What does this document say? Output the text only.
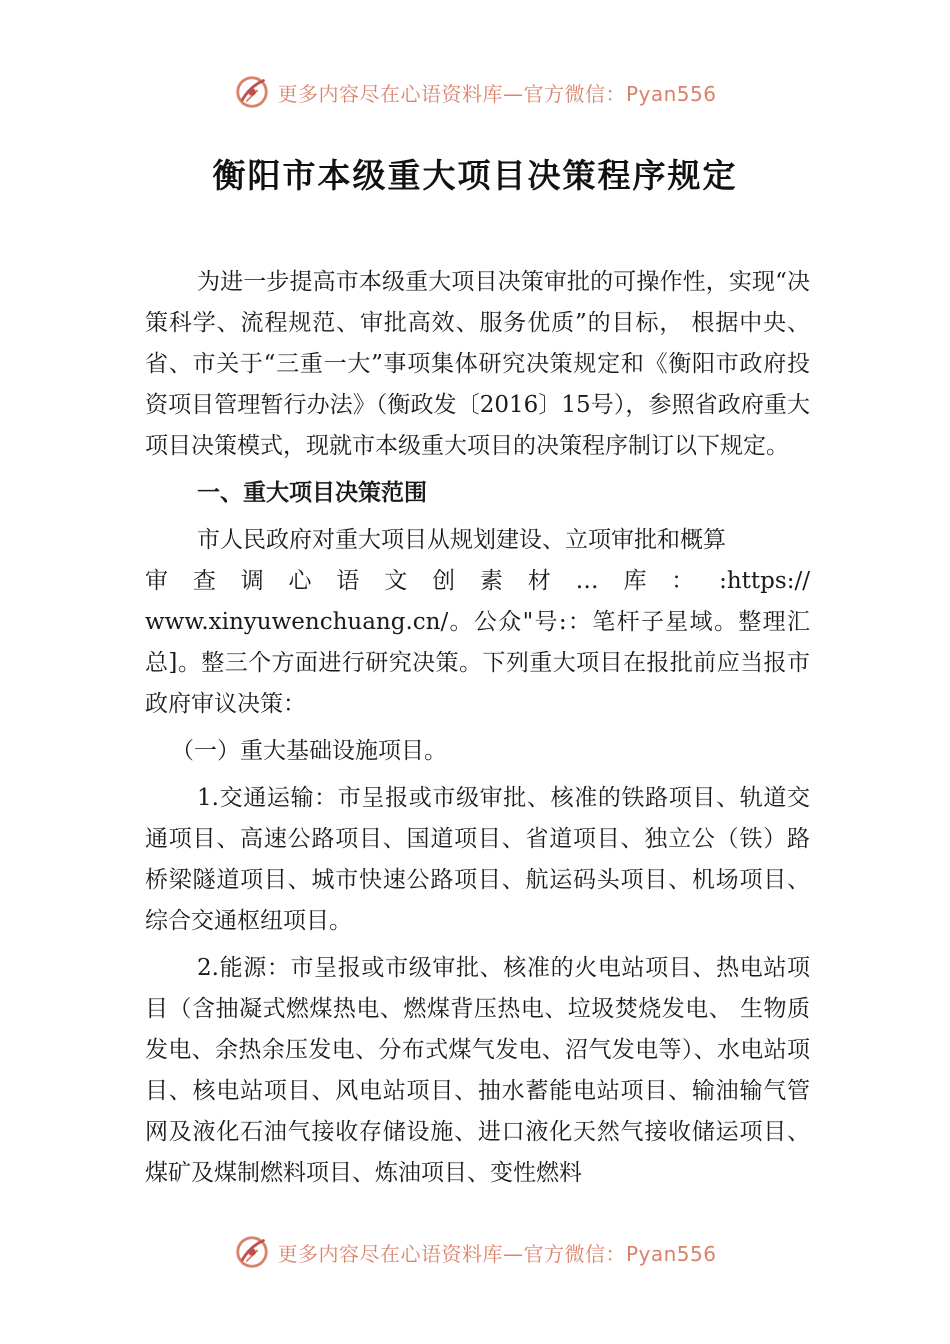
更多内容尽在心语资料库—官方微信：Pyan556
衡阳市本级重大项目决策程序规定

为进一步提高市本级重大项目决策审批的可操作性，实现“决策科学、流程规范、审批高效、服务优质”的目标， 根据中央、省、市关于“三重一大”事项集体研究决策规定和《衡阳市政府投资项目管理暂行办法》（衡政发〔2016〕15号），参照省政府重大项目决策模式，现就市本级重大项目的决策程序制订以下规定。

一、重大项目决策范围

市人民政府对重大项目从规划建设、立项审批和概算

审 查 调 心 语 文 创 素 材 … 库 ： :https://

www.xinyuwenchuang.cn/。公众"号:：笔杆子星域。整理汇总]。整三个方面进行研究决策。下列重大项目在报批前应当报市政府审议决策：

（一）重大基础设施项目。

1.交通运输：市呈报或市级审批、核准的铁路项目、轨道交通项目、高速公路项目、国道项目、省道项目、独立公（铁）路桥梁隧道项目、城市快速公路项目、航运码头项目、机场项目、综合交通枢纽项目。

2.能源：市呈报或市级审批、核准的火电站项目、热电站项目（含抽凝式燃煤热电、燃煤背压热电、垃圾焚烧发电、 生物质发电、余热余压发电、分布式煤气发电、沼气发电等）、水电站项目、核电站项目、风电站项目、抽水蓄能电站项目、输油输气管网及液化石油气接收存储设施、进口液化天然气接收储运项目、煤矿及煤制燃料项目、炼油项目、变性燃料

更多内容尽在心语资料库—官方微信：Pyan556
